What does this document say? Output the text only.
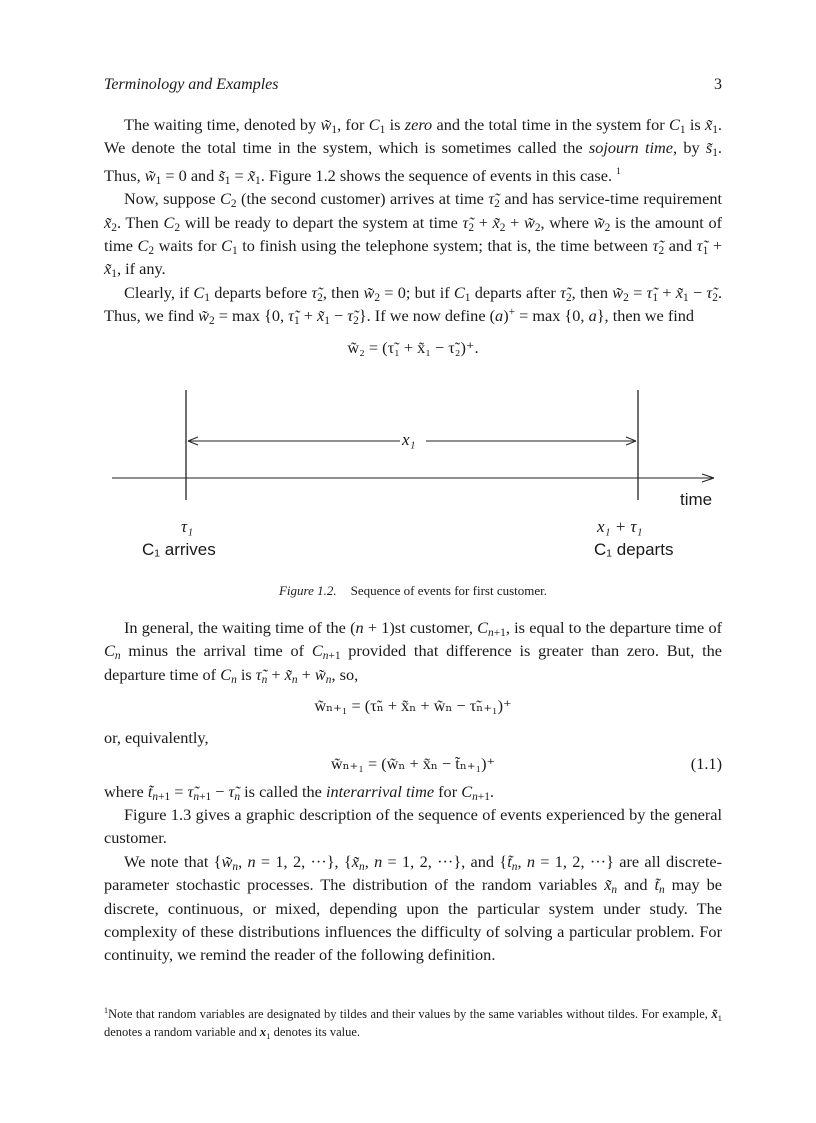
Terminology and Examples	3

The waiting time, denoted by $w̃_1$, for $C_1$ is zero and the total time in the system for $C_1$ is $x̃_1$. We denote the total time in the system, which is sometimes called the sojourn time, by $s̃_1$. Thus, $w̃_1 = 0$ and $s̃_1$ = $x̃_1$. Figure 1.2 shows the sequence of events in this case. $^1$

Now, suppose $C_2$ (the second customer) arrives at time $\taũ_2$ and has service-time requirement $x̃_2$. Then $C_2$ will be ready to depart the system at time $\taũ_2$ + $x̃_2$ + $w̃_2$, where $w̃_2$ is the amount of time $C_2$ waits for $C_1$ to finish using the telephone system; that is, the time between $\taũ_2$ and $\taũ_1$ + $x̃_1$, if any.

Clearly, if $C_1$ departs before $\taũ_2$, then $w̃_2 = 0$; but if $C_1$ departs after $\taũ_2$, then $w̃_2$ = $\taũ_1$ + $x̃_1$ − $\taũ_2$. Thus, we find $w̃_2 = \max \{0$, $\taũ_1$ + $x̃_1$ − $\taũ_2$}. If we now define (a)+ = max {0, a}, then we find

w̃₂ = (τ̃₁ + x̃₁ − τ̃₂)⁺.

x₁
time
τ₁
C₁ arrives
x₁ + τ₁
C₁ departs
Figure 1.2. Sequence of events for first customer.

In general, the waiting time of the (n + 1)st customer, $C_{n+1}$, is equal to the departure time of $C_n$ minus the arrival time of $C_{n+1}$ provided that difference is greater than zero. But, the departure time of $C_n$ is $\taũ_n$ + $x̃_n$ + $w̃_n$, so,

w̃ₙ₊₁ = (τ̃ₙ + x̃ₙ + w̃ₙ − τ̃ₙ₊₁)⁺

or, equivalently,

w̃ₙ₊₁ = (w̃ₙ + x̃ₙ − t̃ₙ₊₁)⁺	(1.1)

where $t̃_{n+1}$ = $\taũ_{n+1}$ − $\taũ_n$ is called the interarrival time for $C_{n+1}$.

Figure 1.3 gives a graphic description of the sequence of events experienced by the general customer.

We note that {$w̃_n$, n = 1, 2, ···}, {$x̃_n$, n = 1, 2, ···}, and {$t̃_n$, n = 1, 2, ···} are all discrete-parameter stochastic processes. The distribution of the random variables $x̃_n$ and $t̃_n$ may be discrete, continuous, or mixed, depending upon the particular system under study. The complexity of these distributions influences the difficulty of solving a particular problem. For continuity, we remind the reader of the following definition.

$^1$Note that random variables are designated by tildes and their values by the same variables without tildes. For example, $x̃_1$ denotes a random variable and $x_1$ denotes its value.
